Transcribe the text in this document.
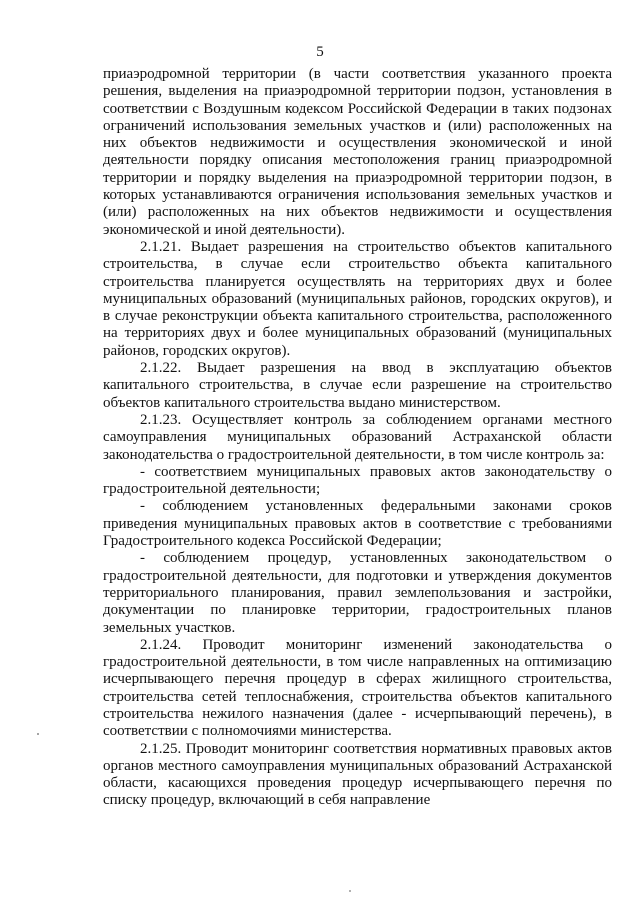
5

приаэродромной территории (в части соответствия указанного проекта решения, выделения на приаэродромной территории подзон, установления в соответствии с Воздушным кодексом Российской Федерации в таких подзонах ограничений использования земельных участков и (или) расположенных на них объектов недвижимости и осуществления экономической и иной деятельности порядку описания местоположения границ приаэродромной территории и порядку выделения на приаэродромной территории подзон, в которых устанавливаются ограничения использования земельных участков и (или) расположенных на них объектов недвижимости и осуществления экономической и иной деятельности).

2.1.21. Выдает разрешения на строительство объектов капитального строительства, в случае если строительство объекта капитального строительства планируется осуществлять на территориях двух и более муниципальных образований (муниципальных районов, городских округов), и в случае реконструкции объекта капитального строительства, расположенного на территориях двух и более муниципальных образований (муниципальных районов, городских округов).

2.1.22. Выдает разрешения на ввод в эксплуатацию объектов капитального строительства, в случае если разрешение на строительство объектов капитального строительства выдано министерством.

2.1.23. Осуществляет контроль за соблюдением органами местного самоуправления муниципальных образований Астраханской области законодательства о градостроительной деятельности, в том числе контроль за:

- соответствием муниципальных правовых актов законодательству о градостроительной деятельности;

- соблюдением установленных федеральными законами сроков приведения муниципальных правовых актов в соответствие с требованиями Градостроительного кодекса Российской Федерации;

- соблюдением процедур, установленных законодательством о градостроительной деятельности, для подготовки и утверждения документов территориального планирования, правил землепользования и застройки, документации по планировке территории, градостроительных планов земельных участков.

2.1.24. Проводит мониторинг изменений законодательства о градостроительной деятельности, в том числе направленных на оптимизацию исчерпывающего перечня процедур в сферах жилищного строительства, строительства сетей теплоснабжения, строительства объектов капитального строительства нежилого назначения (далее - исчерпывающий перечень), в соответствии с полномочиями министерства.

2.1.25. Проводит мониторинг соответствия нормативных правовых актов органов местного самоуправления муниципальных образований Астраханской области, касающихся проведения процедур исчерпывающего перечня по списку процедур, включающий в себя направление
